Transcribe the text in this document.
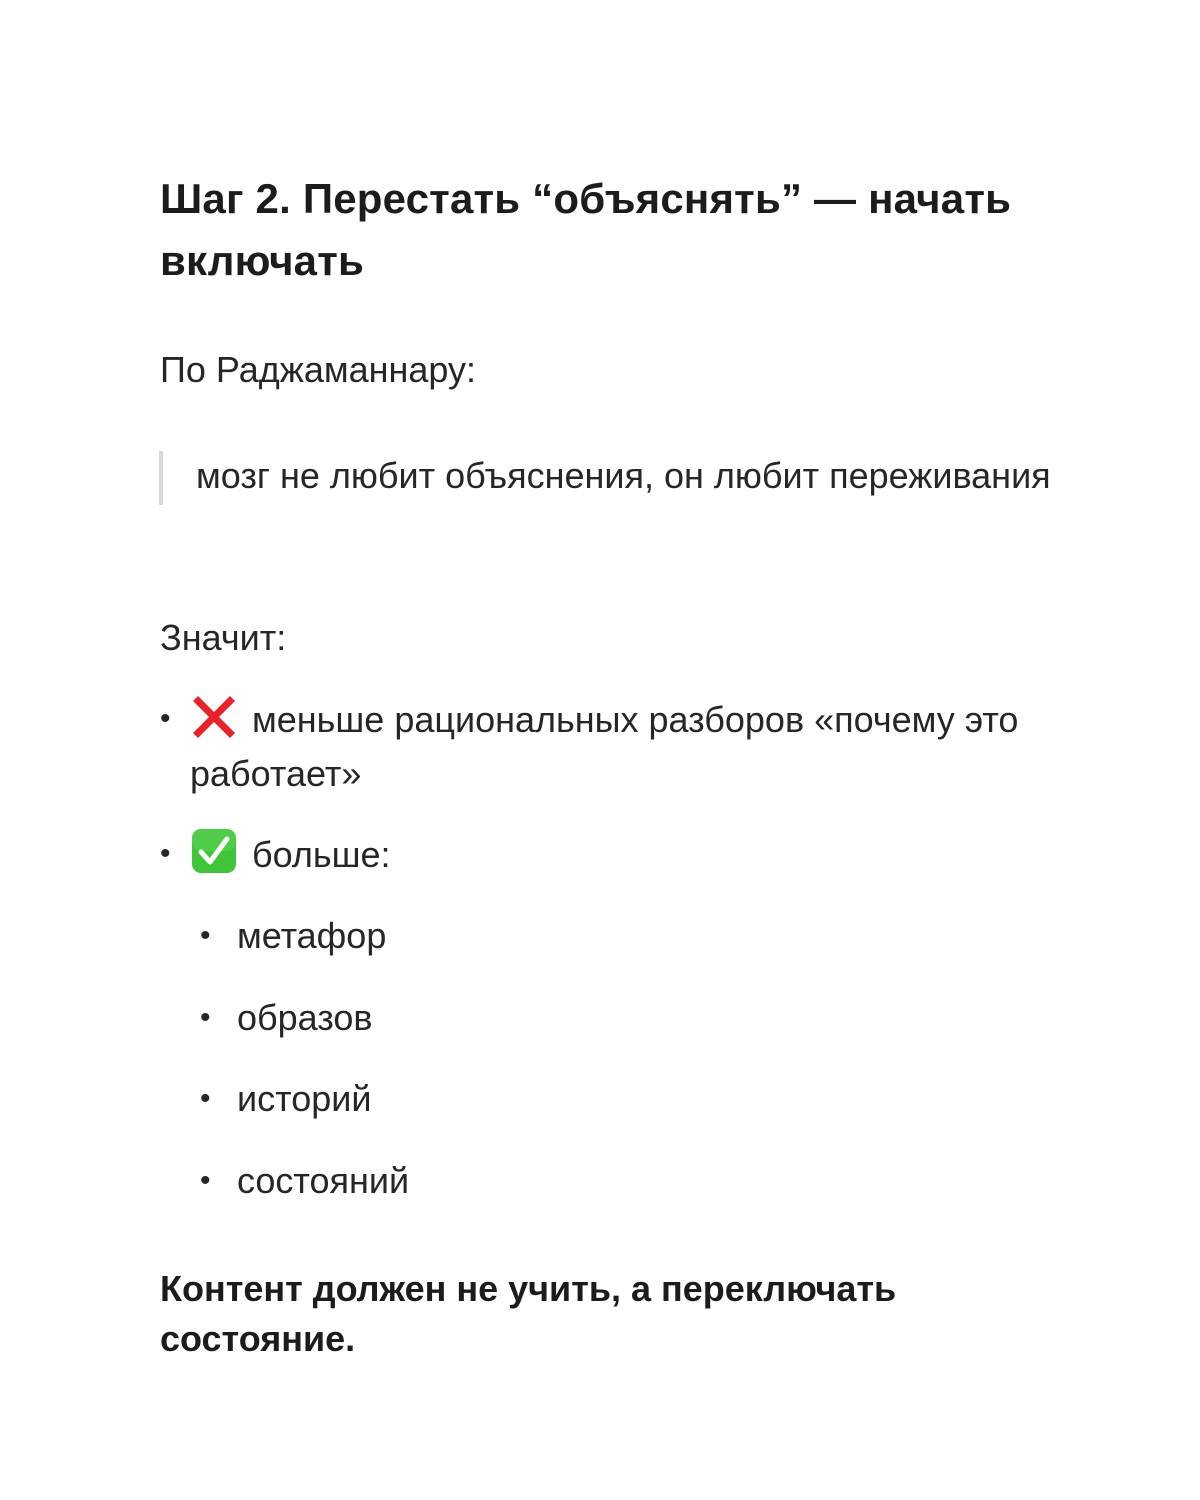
Шаг 2. Перестать “объяснять” — начать включать

По Раджаманнару:

мозг не любит объяснения, он любит переживания

Значит:

•	меньше рациональных разборов «почему это работает»
•	больше:
• метафор
• образов
• историй
• состояний

Контент должен не учить, а переключать состояние.
